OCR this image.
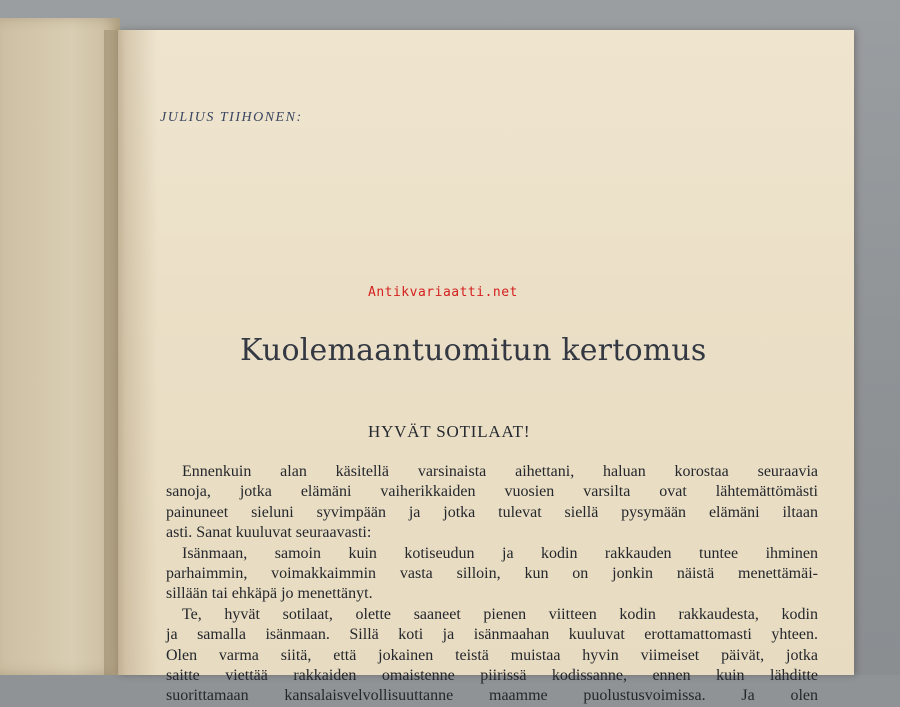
JULIUS TIIHONEN:
Antikvariaatti.net
Kuolemaantuomitun kertomus
HYVÄT SOTILAAT!
Ennenkuin alan käsitellä varsinaista aihettani, haluan korostaa seuraavia
sanoja, jotka elämäni vaiherikkaiden vuosien varsilta ovat lähtemättömästi
painuneet sieluni syvimpään ja jotka tulevat siellä pysymään elämäni iltaan
asti. Sanat kuuluvat seuraavasti:
Isänmaan, samoin kuin kotiseudun ja kodin rakkauden tuntee ihminen
parhaimmin, voimakkaimmin vasta silloin, kun on jonkin näistä menettämäi-
sillään tai ehkäpä jo menettänyt.
Te, hyvät sotilaat, olette saaneet pienen viitteen kodin rakkaudesta, kodin
ja samalla isänmaan. Sillä koti ja isänmaahan kuuluvat erottamattomasti yhteen.
Olen varma siitä, että jokainen teistä muistaa hyvin viimeiset päivät, jotka
saitte viettää rakkaiden omaistenne piirissä kodissanne, ennen kuin lähditte
suorittamaan kansalaisvelvollisuuttanne maamme puolustusvoimissa. Ja olen
